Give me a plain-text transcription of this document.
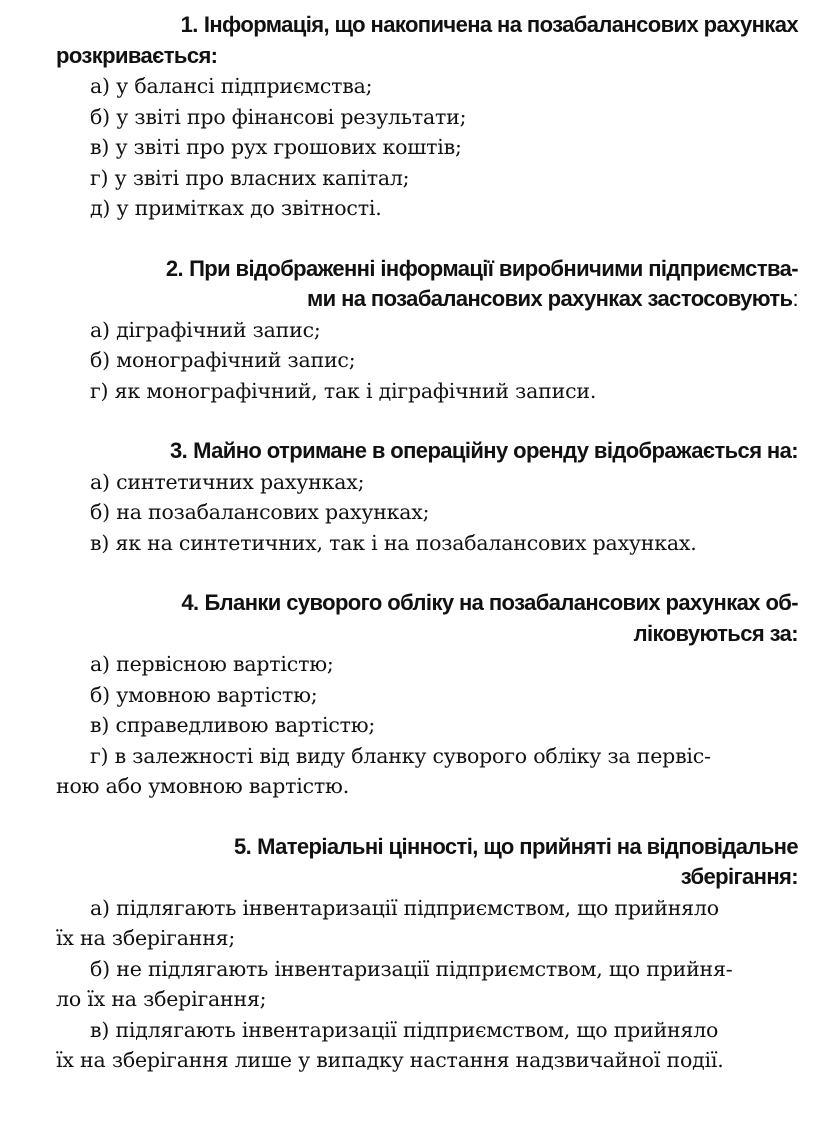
1. Інформація, що накопичена на позабалансових рахунках

розкривається:

а) у балансі підприємства;

б) у звіті про фінансові результати;

в) у звіті про рух грошових коштів;

г) у звіті про власних капітал;

д) у примітках до звітності.

2. При відображенні інформації виробничими підприємства-

ми на позабалансових рахунках застосовують:

а) діграфічний запис;

б) монографічний запис;

г) як монографічний, так і діграфічний записи.

3. Майно отримане в операційну оренду відображається на:

а) синтетичних рахунках;

б) на позабалансових рахунках;

в) як на синтетичних, так і на позабалансових рахунках.

4. Бланки суворого обліку на позабалансових рахунках об-

ліковуються за:

а) первісною вартістю;

б) умовною вартістю;

в) справедливою вартістю;

г) в залежності від виду бланку суворого обліку за первіс-

ною або умовною вартістю.

5. Матеріальні цінності, що прийняті на відповідальне

зберігання:

а) підлягають інвентаризації підприємством, що прийняло

їх на зберігання;

б) не підлягають інвентаризації підприємством, що прийня-

ло їх на зберігання;

в) підлягають інвентаризації підприємством, що прийняло

їх на зберігання лише у випадку настання надзвичайної події.
